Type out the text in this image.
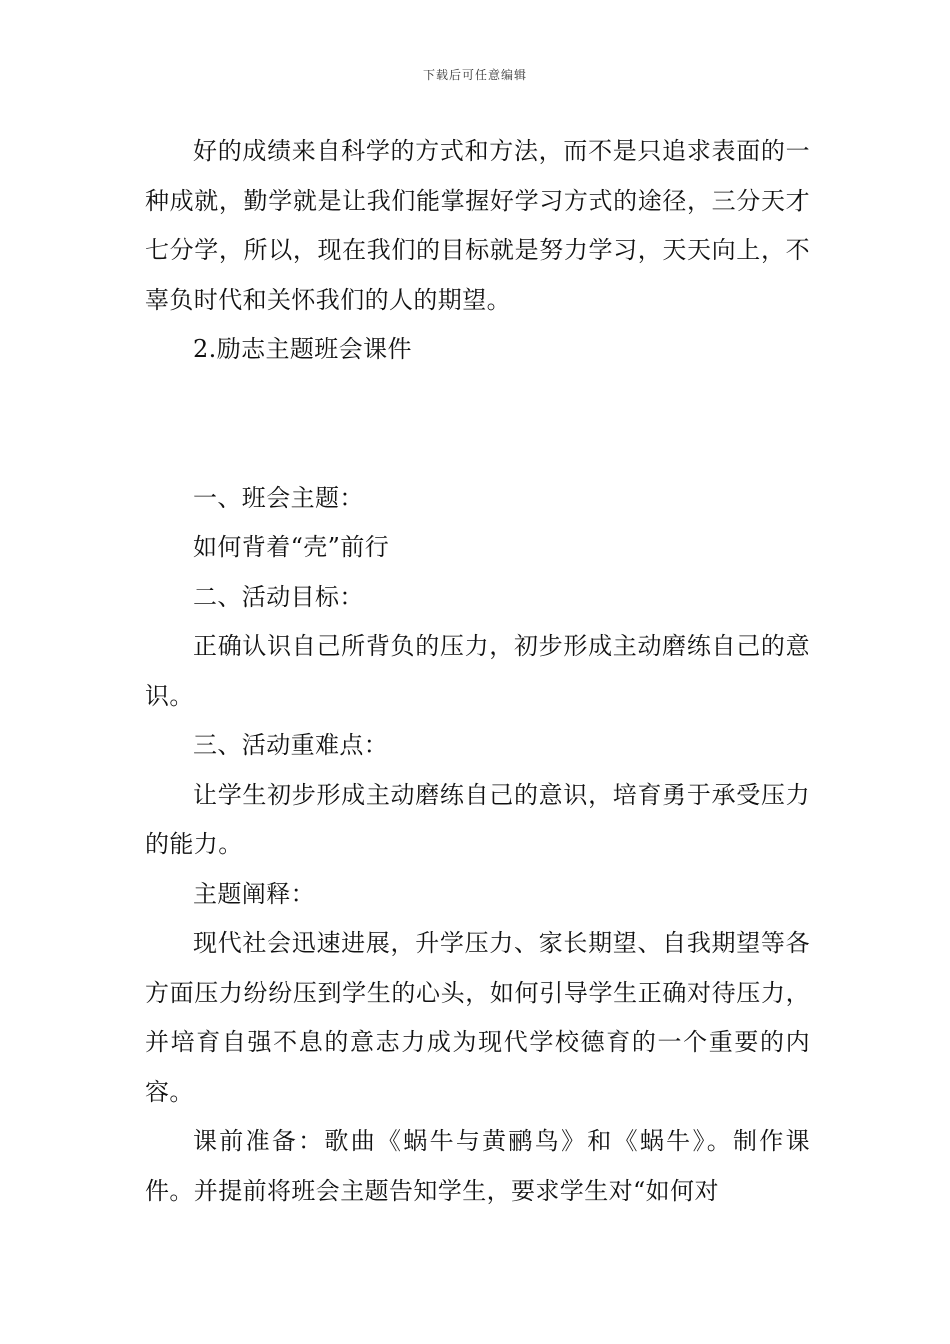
下载后可任意编辑

好的成绩来自科学的方式和方法，而不是只追求表面的一种成就，勤学就是让我们能掌握好学习方式的途径，三分天才七分学，所以，现在我们的目标就是努力学习，天天向上，不辜负时代和关怀我们的人的期望。

2.励志主题班会课件

一、班会主题：

如何背着“壳”前行

二、活动目标：

正确认识自己所背负的压力，初步形成主动磨练自己的意识。

三、活动重难点：

让学生初步形成主动磨练自己的意识，培育勇于承受压力的能力。

主题阐释：

现代社会迅速进展，升学压力、家长期望、自我期望等各方面压力纷纷压到学生的心头，如何引导学生正确对待压力，并培育自强不息的意志力成为现代学校德育的一个重要的内容。

课前准备：歌曲《蜗牛与黄鹂鸟》和《蜗牛》。制作课件。并提前将班会主题告知学生，要求学生对“如何对
